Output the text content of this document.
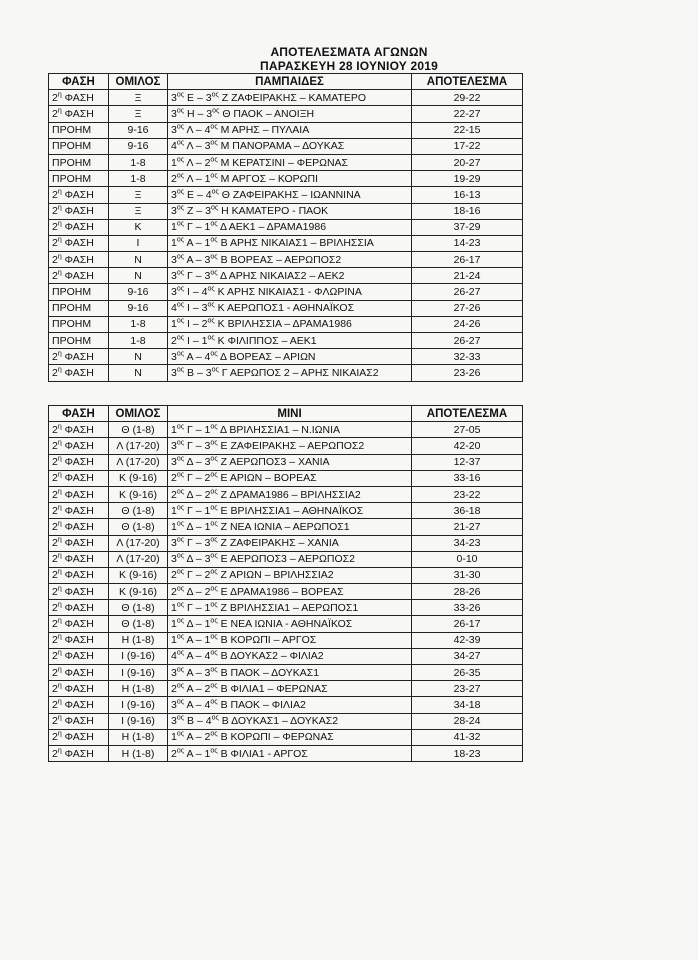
ΑΠΟΤΕΛΕΣΜΑΤΑ ΑΓΩΝΩΝ
ΠΑΡΑΣΚΕΥΗ 28 ΙΟΥΝΙΟΥ 2019
ΦΑΣΗ	ΟΜΙΛΟΣ	ΠΑΜΠΑΙΔΕΣ	ΑΠΟΤΕΛΕΣΜΑ
$2^\eta$ ΦΑΣΗ	Ξ	$3^{o\varsigma}$ Ε – $3^{o\varsigma}$ Ζ ΖΑΦΕΙΡΑΚΗΣ – ΚΑΜΑΤΕΡΟ	29-22
$2^\eta$ ΦΑΣΗ	Ξ	$3^{o\varsigma}$ Η – $3^{o\varsigma}$ Θ ΠΑΟΚ – ΑΝΟΙΞΗ	22-27
ΠΡΟΗΜ	9-16	$3^{o\varsigma}$ Λ – $4^{o\varsigma}$ Μ ΑΡΗΣ – ΠΥΛΑΙΑ	22-15
ΠΡΟΗΜ	9-16	$4^{o\varsigma}$ Λ – $3^{o\varsigma}$ Μ ΠΑΝΟΡΑΜΑ – ΔΟΥΚΑΣ	17-22
ΠΡΟΗΜ	1-8	$1^{o\varsigma}$ Λ – $2^{o\varsigma}$ Μ ΚΕΡΑΤΣΙΝΙ – ΦΕΡΩΝΑΣ	20-27
ΠΡΟΗΜ	1-8	$2^{o\varsigma}$ Λ – $1^{o\varsigma}$ Μ ΑΡΓΟΣ – ΚΟΡΩΠΙ	19-29
$2^\eta$ ΦΑΣΗ	Ξ	$3^{o\varsigma}$ Ε – $4^{o\varsigma}$ Θ ΖΑΦΕΙΡΑΚΗΣ – ΙΩΑΝΝΙΝΑ	16-13
$2^\eta$ ΦΑΣΗ	Ξ	$3^{o\varsigma}$ Ζ – $3^{o\varsigma}$ Η ΚΑΜΑΤΕΡΟ - ΠΑΟΚ	18-16
$2^\eta$ ΦΑΣΗ	Κ	$1^{o\varsigma}$ Γ – $1^{o\varsigma}$ Δ ΑΕΚ1 – ΔΡΑΜΑ1986	37-29
$2^\eta$ ΦΑΣΗ	Ι	$1^{o\varsigma}$ Α – $1^{o\varsigma}$ Β ΑΡΗΣ ΝΙΚΑΙΑΣ1 – ΒΡΙΛΗΣΣΙΑ	14-23
$2^\eta$ ΦΑΣΗ	Ν	$3^{o\varsigma}$ Α – $3^{o\varsigma}$ Β ΒΟΡΕΑΣ – ΑΕΡΩΠΟΣ2	26-17
$2^\eta$ ΦΑΣΗ	Ν	$3^{o\varsigma}$ Γ – $3^{o\varsigma}$ Δ ΑΡΗΣ ΝΙΚΑΙΑΣ2 – ΑΕΚ2	21-24
ΠΡΟΗΜ	9-16	$3^{o\varsigma}$ Ι – $4^{o\varsigma}$ Κ ΑΡΗΣ ΝΙΚΑΙΑΣ1 - ΦΛΩΡΙΝΑ	26-27
ΠΡΟΗΜ	9-16	$4^{o\varsigma}$ Ι – $3^{o\varsigma}$ Κ ΑΕΡΩΠΟΣ1 - ΑΘΗΝΑΪΚΟΣ	27-26
ΠΡΟΗΜ	1-8	$1^{o\varsigma}$ Ι – $2^{o\varsigma}$ Κ ΒΡΙΛΗΣΣΙΑ – ΔΡΑΜΑ1986	24-26
ΠΡΟΗΜ	1-8	$2^{o\varsigma}$ Ι – $1^{o\varsigma}$ Κ ΦΙΛΙΠΠΟΣ – ΑΕΚ1	26-27
$2^\eta$ ΦΑΣΗ	Ν	$3^{o\varsigma}$ Α – $4^{o\varsigma}$ Δ ΒΟΡΕΑΣ – ΑΡΙΩΝ	32-33
$2^\eta$ ΦΑΣΗ	Ν	$3^{o\varsigma}$ Β – $3^{o\varsigma}$ Γ ΑΕΡΩΠΟΣ 2 – ΑΡΗΣ ΝΙΚΑΙΑΣ2	23-26
ΦΑΣΗ	ΟΜΙΛΟΣ	ΜΙΝΙ	ΑΠΟΤΕΛΕΣΜΑ
$2^\eta$ ΦΑΣΗ	Θ (1-8)	$1^{o\varsigma}$ Γ – $1^{o\varsigma}$ Δ ΒΡΙΛΗΣΣΙΑ1 – Ν.ΙΩΝΙΑ	27-05
$2^\eta$ ΦΑΣΗ	Λ (17-20)	$3^{o\varsigma}$ Γ – $3^{o\varsigma}$ Ε ΖΑΦΕΙΡΑΚΗΣ – ΑΕΡΩΠΟΣ2	42-20
$2^\eta$ ΦΑΣΗ	Λ (17-20)	$3^{o\varsigma}$ Δ – $3^{o\varsigma}$ Ζ ΑΕΡΩΠΟΣ3 – ΧΑΝΙΑ	12-37
$2^\eta$ ΦΑΣΗ	Κ (9-16)	$2^{o\varsigma}$ Γ – $2^{o\varsigma}$ Ε ΑΡΙΩΝ – ΒΟΡΕΑΣ	33-16
$2^\eta$ ΦΑΣΗ	Κ (9-16)	$2^{o\varsigma}$ Δ – $2^{o\varsigma}$ Ζ ΔΡΑΜΑ1986 – ΒΡΙΛΗΣΣΙΑ2	23-22
$2^\eta$ ΦΑΣΗ	Θ (1-8)	$1^{o\varsigma}$ Γ – $1^{o\varsigma}$ Ε ΒΡΙΛΗΣΣΙΑ1 – ΑΘΗΝΑΪΚΟΣ	36-18
$2^\eta$ ΦΑΣΗ	Θ (1-8)	$1^{o\varsigma}$ Δ – $1^{o\varsigma}$ Ζ ΝΕΑ ΙΩΝΙΑ – ΑΕΡΩΠΟΣ1	21-27
$2^\eta$ ΦΑΣΗ	Λ (17-20)	$3^{o\varsigma}$ Γ – $3^{o\varsigma}$ Ζ ΖΑΦΕΙΡΑΚΗΣ – ΧΑΝΙΑ	34-23
$2^\eta$ ΦΑΣΗ	Λ (17-20)	$3^{o\varsigma}$ Δ – $3^{o\varsigma}$ Ε ΑΕΡΩΠΟΣ3 – ΑΕΡΩΠΟΣ2	0-10
$2^\eta$ ΦΑΣΗ	Κ (9-16)	$2^{o\varsigma}$ Γ – $2^{o\varsigma}$ Ζ ΑΡΙΩΝ – ΒΡΙΛΗΣΣΙΑ2	31-30
$2^\eta$ ΦΑΣΗ	Κ (9-16)	$2^{o\varsigma}$ Δ – $2^{o\varsigma}$ Ε ΔΡΑΜΑ1986 – ΒΟΡΕΑΣ	28-26
$2^\eta$ ΦΑΣΗ	Θ (1-8)	$1^{o\varsigma}$ Γ – $1^{o\varsigma}$ Ζ ΒΡΙΛΗΣΣΙΑ1 – ΑΕΡΩΠΟΣ1	33-26
$2^\eta$ ΦΑΣΗ	Θ (1-8)	$1^{o\varsigma}$ Δ – $1^{o\varsigma}$ Ε ΝΕΑ ΙΩΝΙΑ - ΑΘΗΝΑΪΚΟΣ	26-17
$2^\eta$ ΦΑΣΗ	Η (1-8)	$1^{o\varsigma}$ Α – $1^{o\varsigma}$ Β ΚΟΡΩΠΙ – ΑΡΓΟΣ	42-39
$2^\eta$ ΦΑΣΗ	Ι (9-16)	$4^{o\varsigma}$ Α – $4^{o\varsigma}$ Β ΔΟΥΚΑΣ2 – ΦΙΛΙΑ2	34-27
$2^\eta$ ΦΑΣΗ	Ι (9-16)	$3^{o\varsigma}$ Α – $3^{o\varsigma}$ Β ΠΑΟΚ – ΔΟΥΚΑΣ1	26-35
$2^\eta$ ΦΑΣΗ	Η (1-8)	$2^{o\varsigma}$ Α – $2^{o\varsigma}$ Β ΦΙΛΙΑ1 – ΦΕΡΩΝΑΣ	23-27
$2^\eta$ ΦΑΣΗ	Ι (9-16)	$3^{o\varsigma}$ Α – $4^{o\varsigma}$ Β ΠΑΟΚ – ΦΙΛΙΑ2	34-18
$2^\eta$ ΦΑΣΗ	Ι (9-16)	$3^{o\varsigma}$ Β – $4^{o\varsigma}$ Β ΔΟΥΚΑΣ1 – ΔΟΥΚΑΣ2	28-24
$2^\eta$ ΦΑΣΗ	Η (1-8)	$1^{o\varsigma}$ Α – $2^{o\varsigma}$ Β ΚΟΡΩΠΙ – ΦΕΡΩΝΑΣ	41-32
$2^\eta$ ΦΑΣΗ	Η (1-8)	$2^{o\varsigma}$ Α – $1^{o\varsigma}$ Β ΦΙΛΙΑ1 - ΑΡΓΟΣ	18-23
